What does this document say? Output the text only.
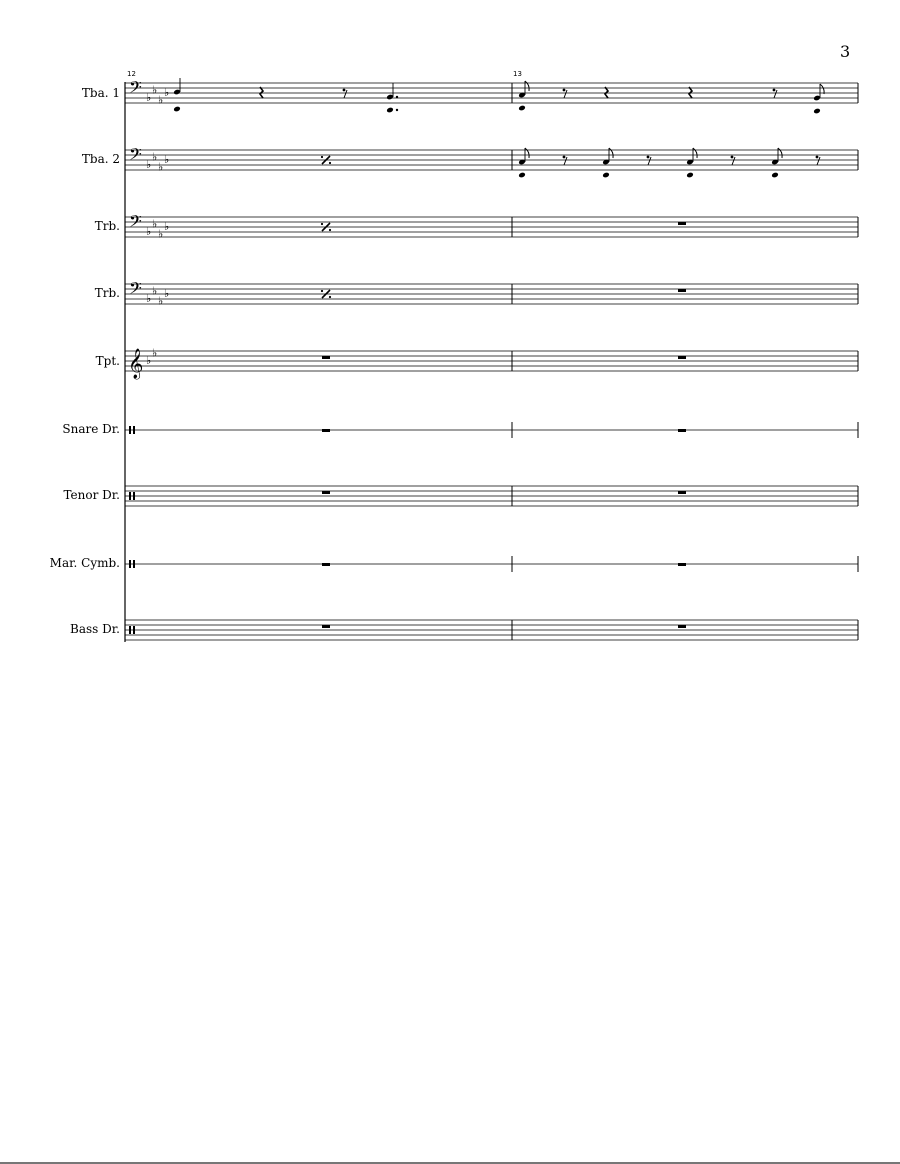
3
12	13
Tba. 1
Tba. 2
Trb.
Trb.
Tpt.
Snare Dr.
Tenor Dr.
Mar. Cymb.
Bass Dr.
𝄢 ♭
♭
♭
♭
𝄢 ♭
♭
♭
♭
𝄢 ♭
♭
♭
♭
𝄢 ♭
♭
♭
♭
𝄞 ♭
♭
